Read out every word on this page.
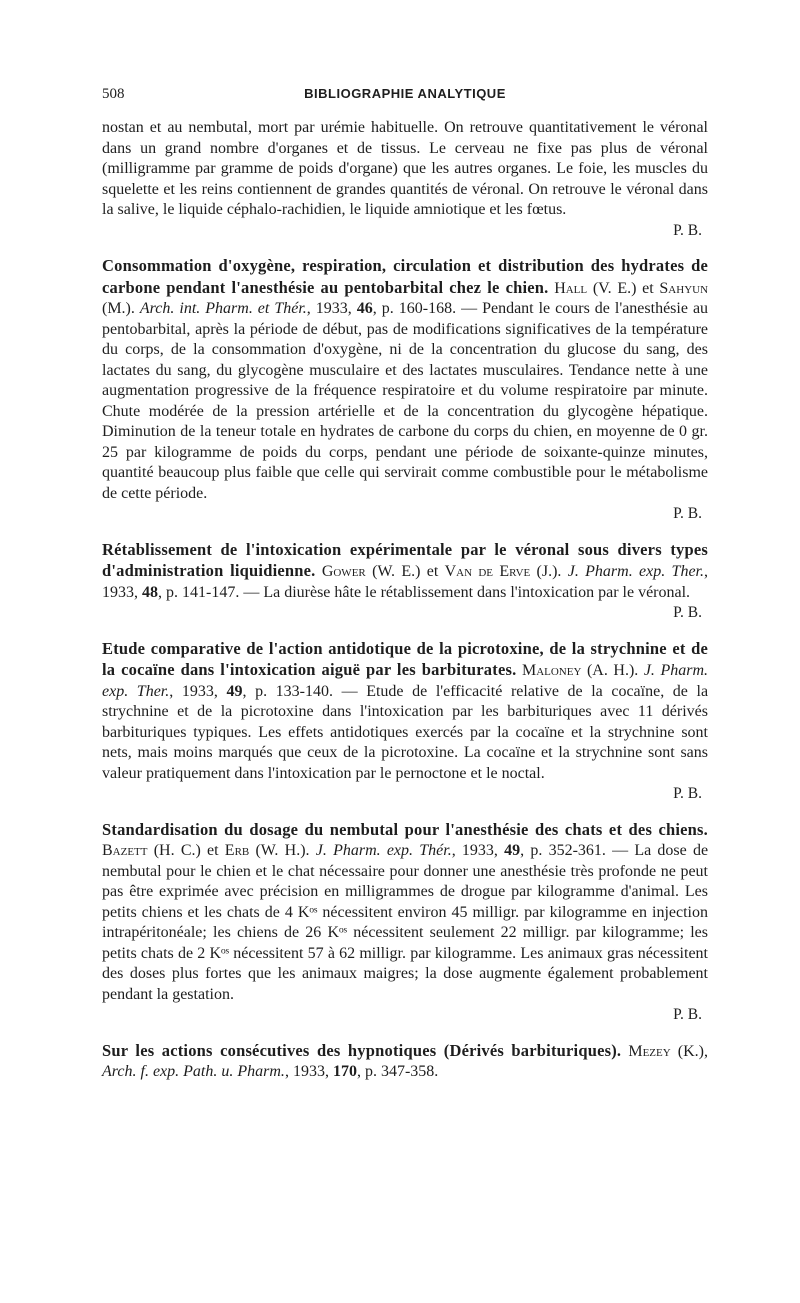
508	BIBLIOGRAPHIE ANALYTIQUE

nostan et au nembutal, mort par urémie habituelle. On retrouve quantitativement le véronal dans un grand nombre d'organes et de tissus. Le cerveau ne fixe pas plus de véronal (milligramme par gramme de poids d'organe) que les autres organes. Le foie, les muscles du squelette et les reins contiennent de grandes quantités de véronal. On retrouve le véronal dans la salive, le liquide céphalo-rachidien, le liquide amniotique et les fœtus.

P. B.

Consommation d'oxygène, respiration, circulation et distribution des hydrates de carbone pendant l'anesthésie au pentobarbital chez le chien. Hall (V. E.) et Sahyun (M.). Arch. int. Pharm. et Thér., 1933, 46, p. 160-168. — Pendant le cours de l'anesthésie au pentobarbital, après la période de début, pas de modifications significatives de la température du corps, de la consommation d'oxygène, ni de la concentration du glucose du sang, des lactates du sang, du glycogène musculaire et des lactates musculaires. Tendance nette à une augmentation progressive de la fréquence respiratoire et du volume respiratoire par minute. Chute modérée de la pression artérielle et de la concentration du glycogène hépatique. Diminution de la teneur totale en hydrates de carbone du corps du chien, en moyenne de 0 gr. 25 par kilogramme de poids du corps, pendant une période de soixante-quinze minutes, quantité beaucoup plus faible que celle qui servirait comme combustible pour le métabolisme de cette période.

P. B.

Rétablissement de l'intoxication expérimentale par le véronal sous divers types d'administration liquidienne. Gower (W. E.) et Van de Erve (J.). J. Pharm. exp. Ther., 1933, 48, p. 141-147. — La diurèse hâte le rétablissement dans l'intoxication par le véronal.

P. B.

Etude comparative de l'action antidotique de la picrotoxine, de la strychnine et de la cocaïne dans l'intoxication aiguë par les barbiturates. Maloney (A. H.). J. Pharm. exp. Ther., 1933, 49, p. 133-140. — Etude de l'efficacité relative de la cocaïne, de la strychnine et de la picrotoxine dans l'intoxication par les barbituriques avec 11 dérivés barbituriques typiques. Les effets antidotiques exercés par la cocaïne et la strychnine sont nets, mais moins marqués que ceux de la picrotoxine. La cocaïne et la strychnine sont sans valeur pratiquement dans l'intoxication par le pernoctone et le noctal.

P. B.

Standardisation du dosage du nembutal pour l'anesthésie des chats et des chiens. Bazett (H. C.) et Erb (W. H.). J. Pharm. exp. Thér., 1933, 49, p. 352-361. — La dose de nembutal pour le chien et le chat nécessaire pour donner une anesthésie très profonde ne peut pas être exprimée avec précision en milligrammes de drogue par kilogramme d'animal. Les petits chiens et les chats de 4 Kᵒˢ nécessitent environ 45 milligr. par kilogramme en injection intrapéritonéale; les chiens de 26 Kᵒˢ nécessitent seulement 22 milligr. par kilogramme; les petits chats de 2 Kᵒˢ nécessitent 57 à 62 milligr. par kilogramme. Les animaux gras nécessitent des doses plus fortes que les animaux maigres; la dose augmente également probablement pendant la gestation.

P. B.

Sur les actions consécutives des hypnotiques (Dérivés barbituriques). Mezey (K.), Arch. f. exp. Path. u. Pharm., 1933, 170, p. 347-358.
